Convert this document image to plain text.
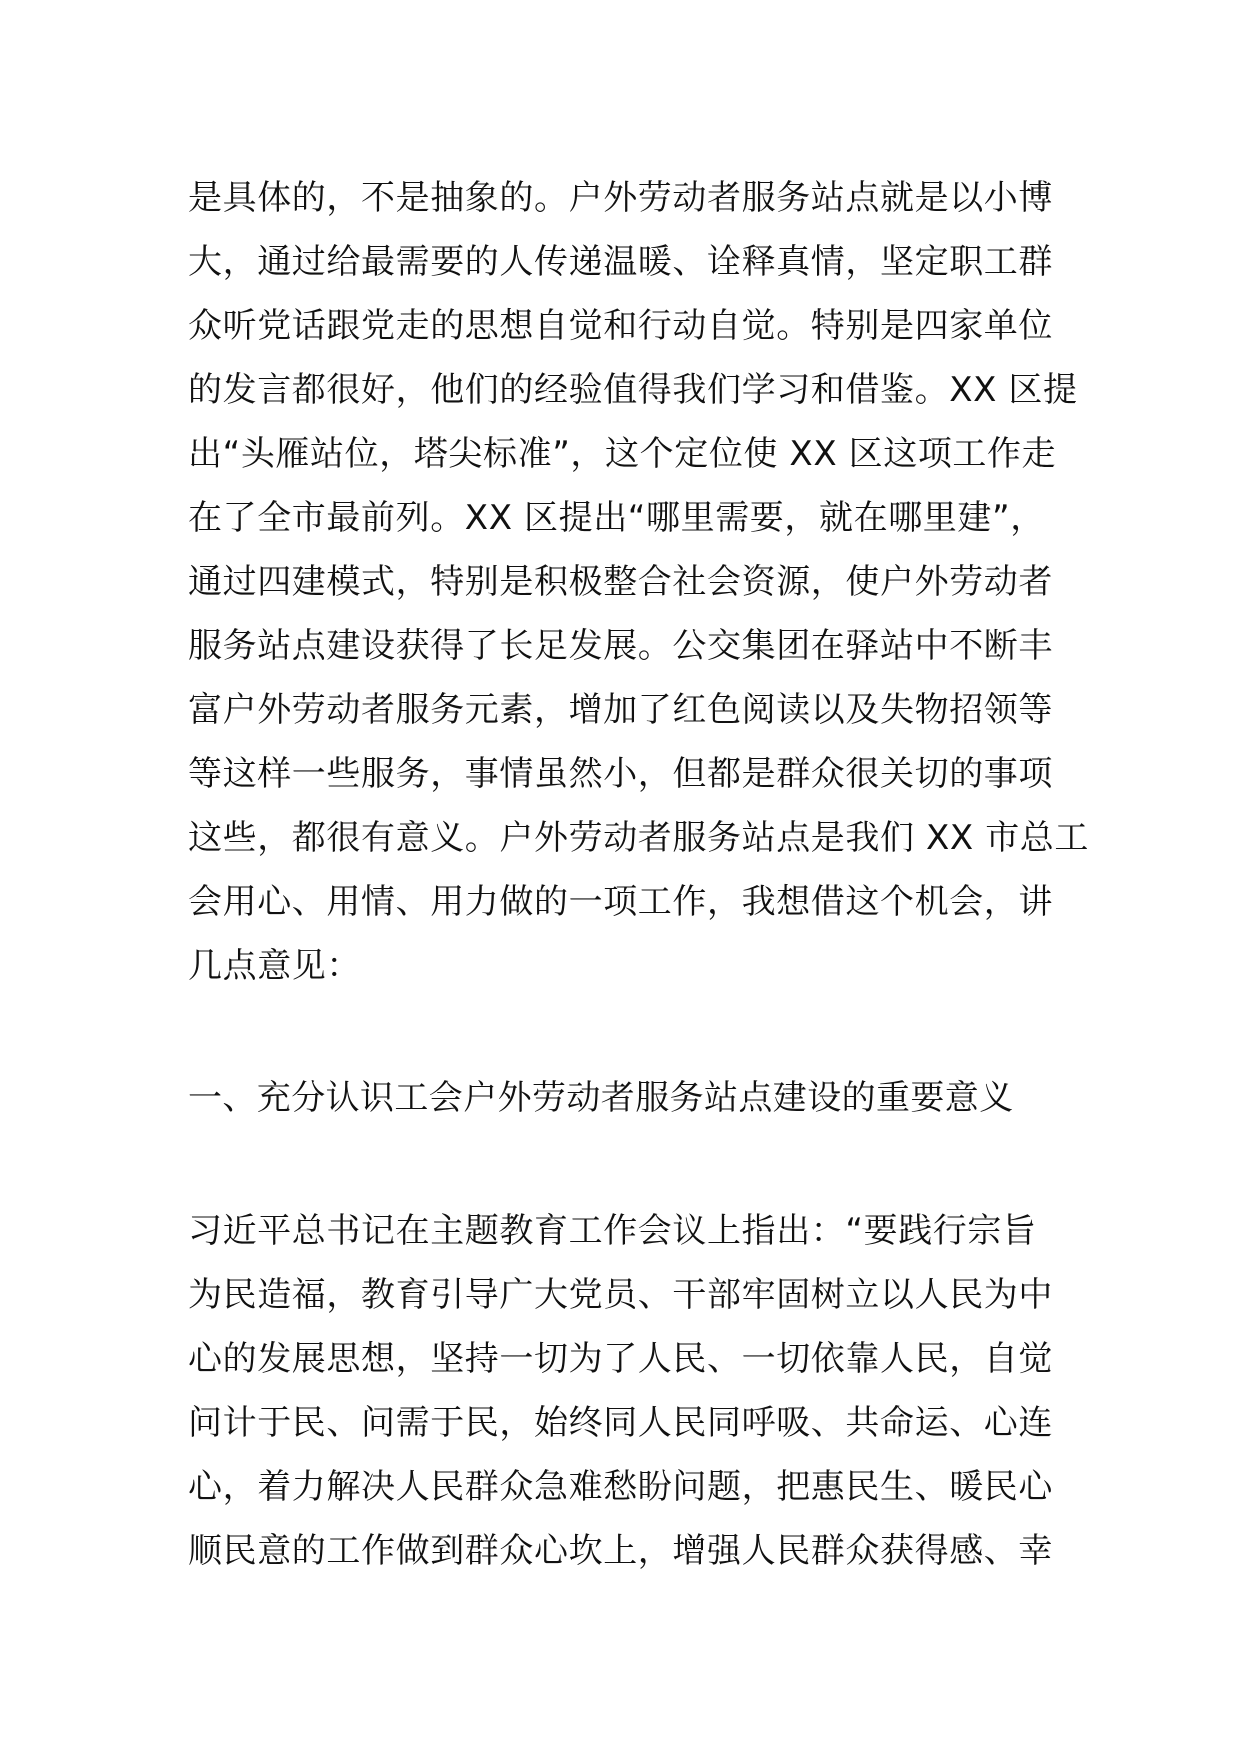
是具体的，不是抽象的。户外劳动者服务站点就是以小博
大，通过给最需要的人传递温暖、诠释真情，坚定职工群
众听党话跟党走的思想自觉和行动自觉。特别是四家单位
的发言都很好，他们的经验值得我们学习和借鉴。XX 区提
出“头雁站位，塔尖标准”，这个定位使 XX 区这项工作走
在了全市最前列。XX 区提出“哪里需要，就在哪里建”，
通过四建模式，特别是积极整合社会资源，使户外劳动者
服务站点建设获得了长足发展。公交集团在驿站中不断丰
富户外劳动者服务元素，增加了红色阅读以及失物招领等
等这样一些服务，事情虽然小，但都是群众很关切的事项
这些，都很有意义。户外劳动者服务站点是我们 XX 市总工
会用心、用情、用力做的一项工作，我想借这个机会，讲
几点意见：
一、充分认识工会户外劳动者服务站点建设的重要意义
习近平总书记在主题教育工作会议上指出：“要践行宗旨
为民造福，教育引导广大党员、干部牢固树立以人民为中
心的发展思想，坚持一切为了人民、一切依靠人民，自觉
问计于民、问需于民，始终同人民同呼吸、共命运、心连
心，着力解决人民群众急难愁盼问题，把惠民生、暖民心
顺民意的工作做到群众心坎上，增强人民群众获得感、幸
